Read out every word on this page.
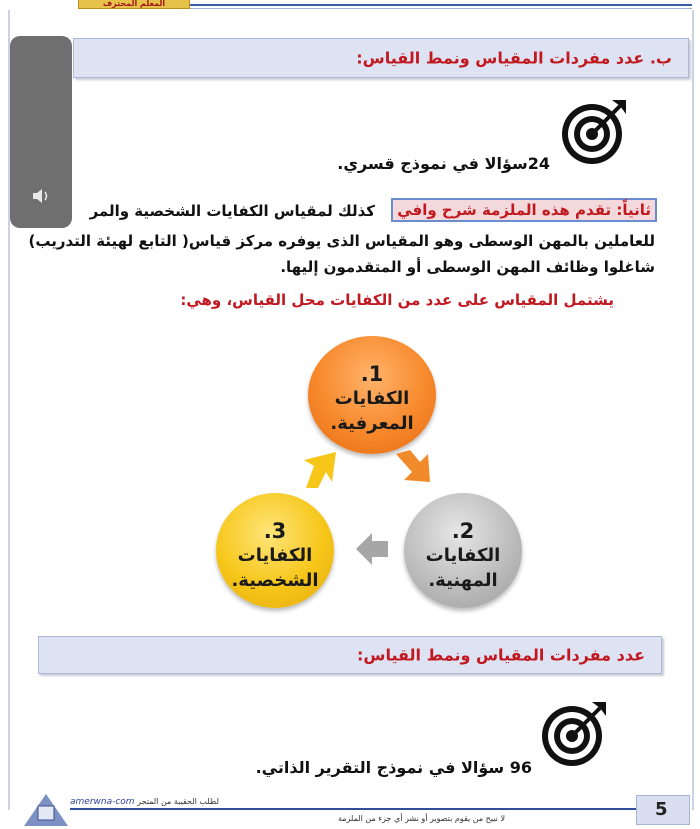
المعلم المحترف
ب. عدد مفردات المقياس ونمط القياس:
24سؤالا في نموذج قسري.
ثانياً: تقدم هذه الملزمة شرح وافي
كذلك لمقياس الكفايات الشخصية والمر
للعاملين بالمهن الوسطى وهو المقياس الذى يوفره مركز قياس( التابع لهيئة التدريب)
شاغلوا وظائف المهن الوسطى أو المتقدمون إليها.
يشتمل المقياس على عدد من الكفايات محل القياس، وهي:
1.
الكفايات
المعرفية.
2.
الكفايات
المهنية.
3.
الكفايات
الشخصية.
عدد مفردات المقياس ونمط القياس:
96 سؤالا في نموذج التقرير الذاتي.
amerwna-com لطلب الحقيبة من المتجر
لا نبيح من يقوم بتصوير أو نشر أي جزء من الملزمة	5
